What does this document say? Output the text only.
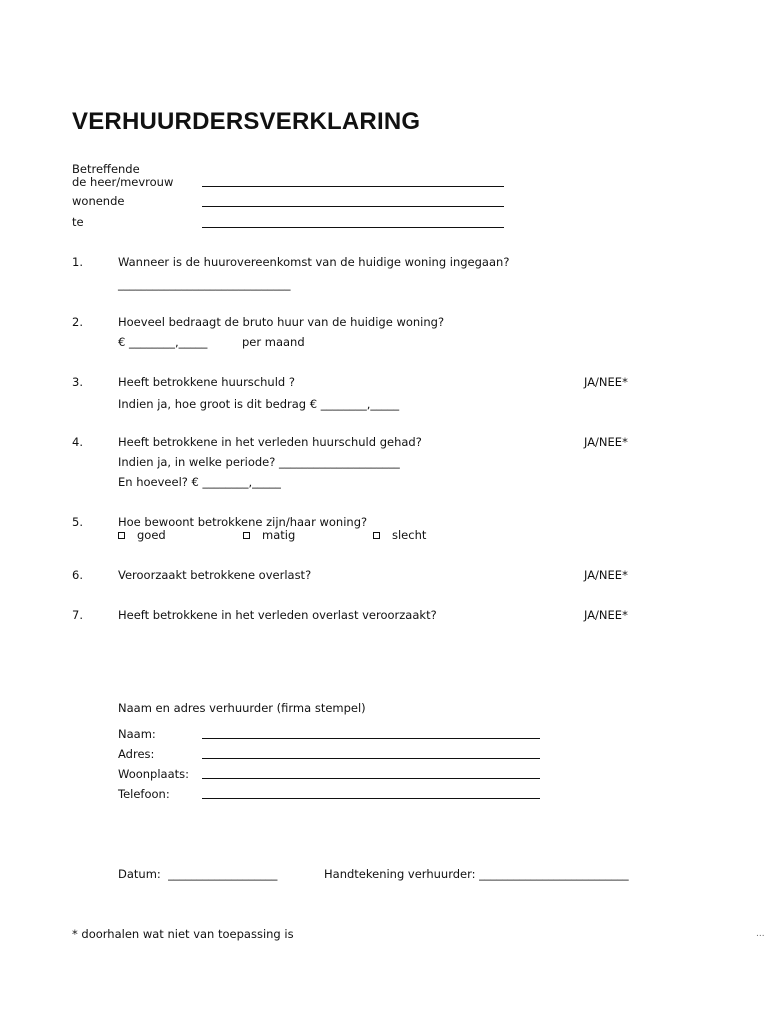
VERHUURDERSVERKLARING
Betreffende
de heer/mevrouw
wonende
te
1.	Wanneer is de huurovereenkomst van de huidige woning ingegaan?
______________________________
2.	Hoeveel bedraagt de bruto huur van de huidige woning?
€ ________,_____	per maand
3.	Heeft betrokkene huurschuld ?	JA/NEE*
Indien ja, hoe groot is dit bedrag € ________,_____
4.	Heeft betrokkene in het verleden huurschuld gehad?	JA/NEE*
Indien ja, in welke periode? _____________________
En hoeveel? € ________,_____
5.	Hoe bewoont betrokkene zijn/haar woning?
goed	matig	slecht
6.	Veroorzaakt betrokkene overlast?	JA/NEE*
7.	Heeft betrokkene in het verleden overlast veroorzaakt?	JA/NEE*
Naam en adres verhuurder (firma stempel)
Naam:
Adres:
Woonplaats:
Telefoon:
Datum:  ___________________	Handtekening verhuurder: __________________________
* doorhalen wat niet van toepassing is	...
